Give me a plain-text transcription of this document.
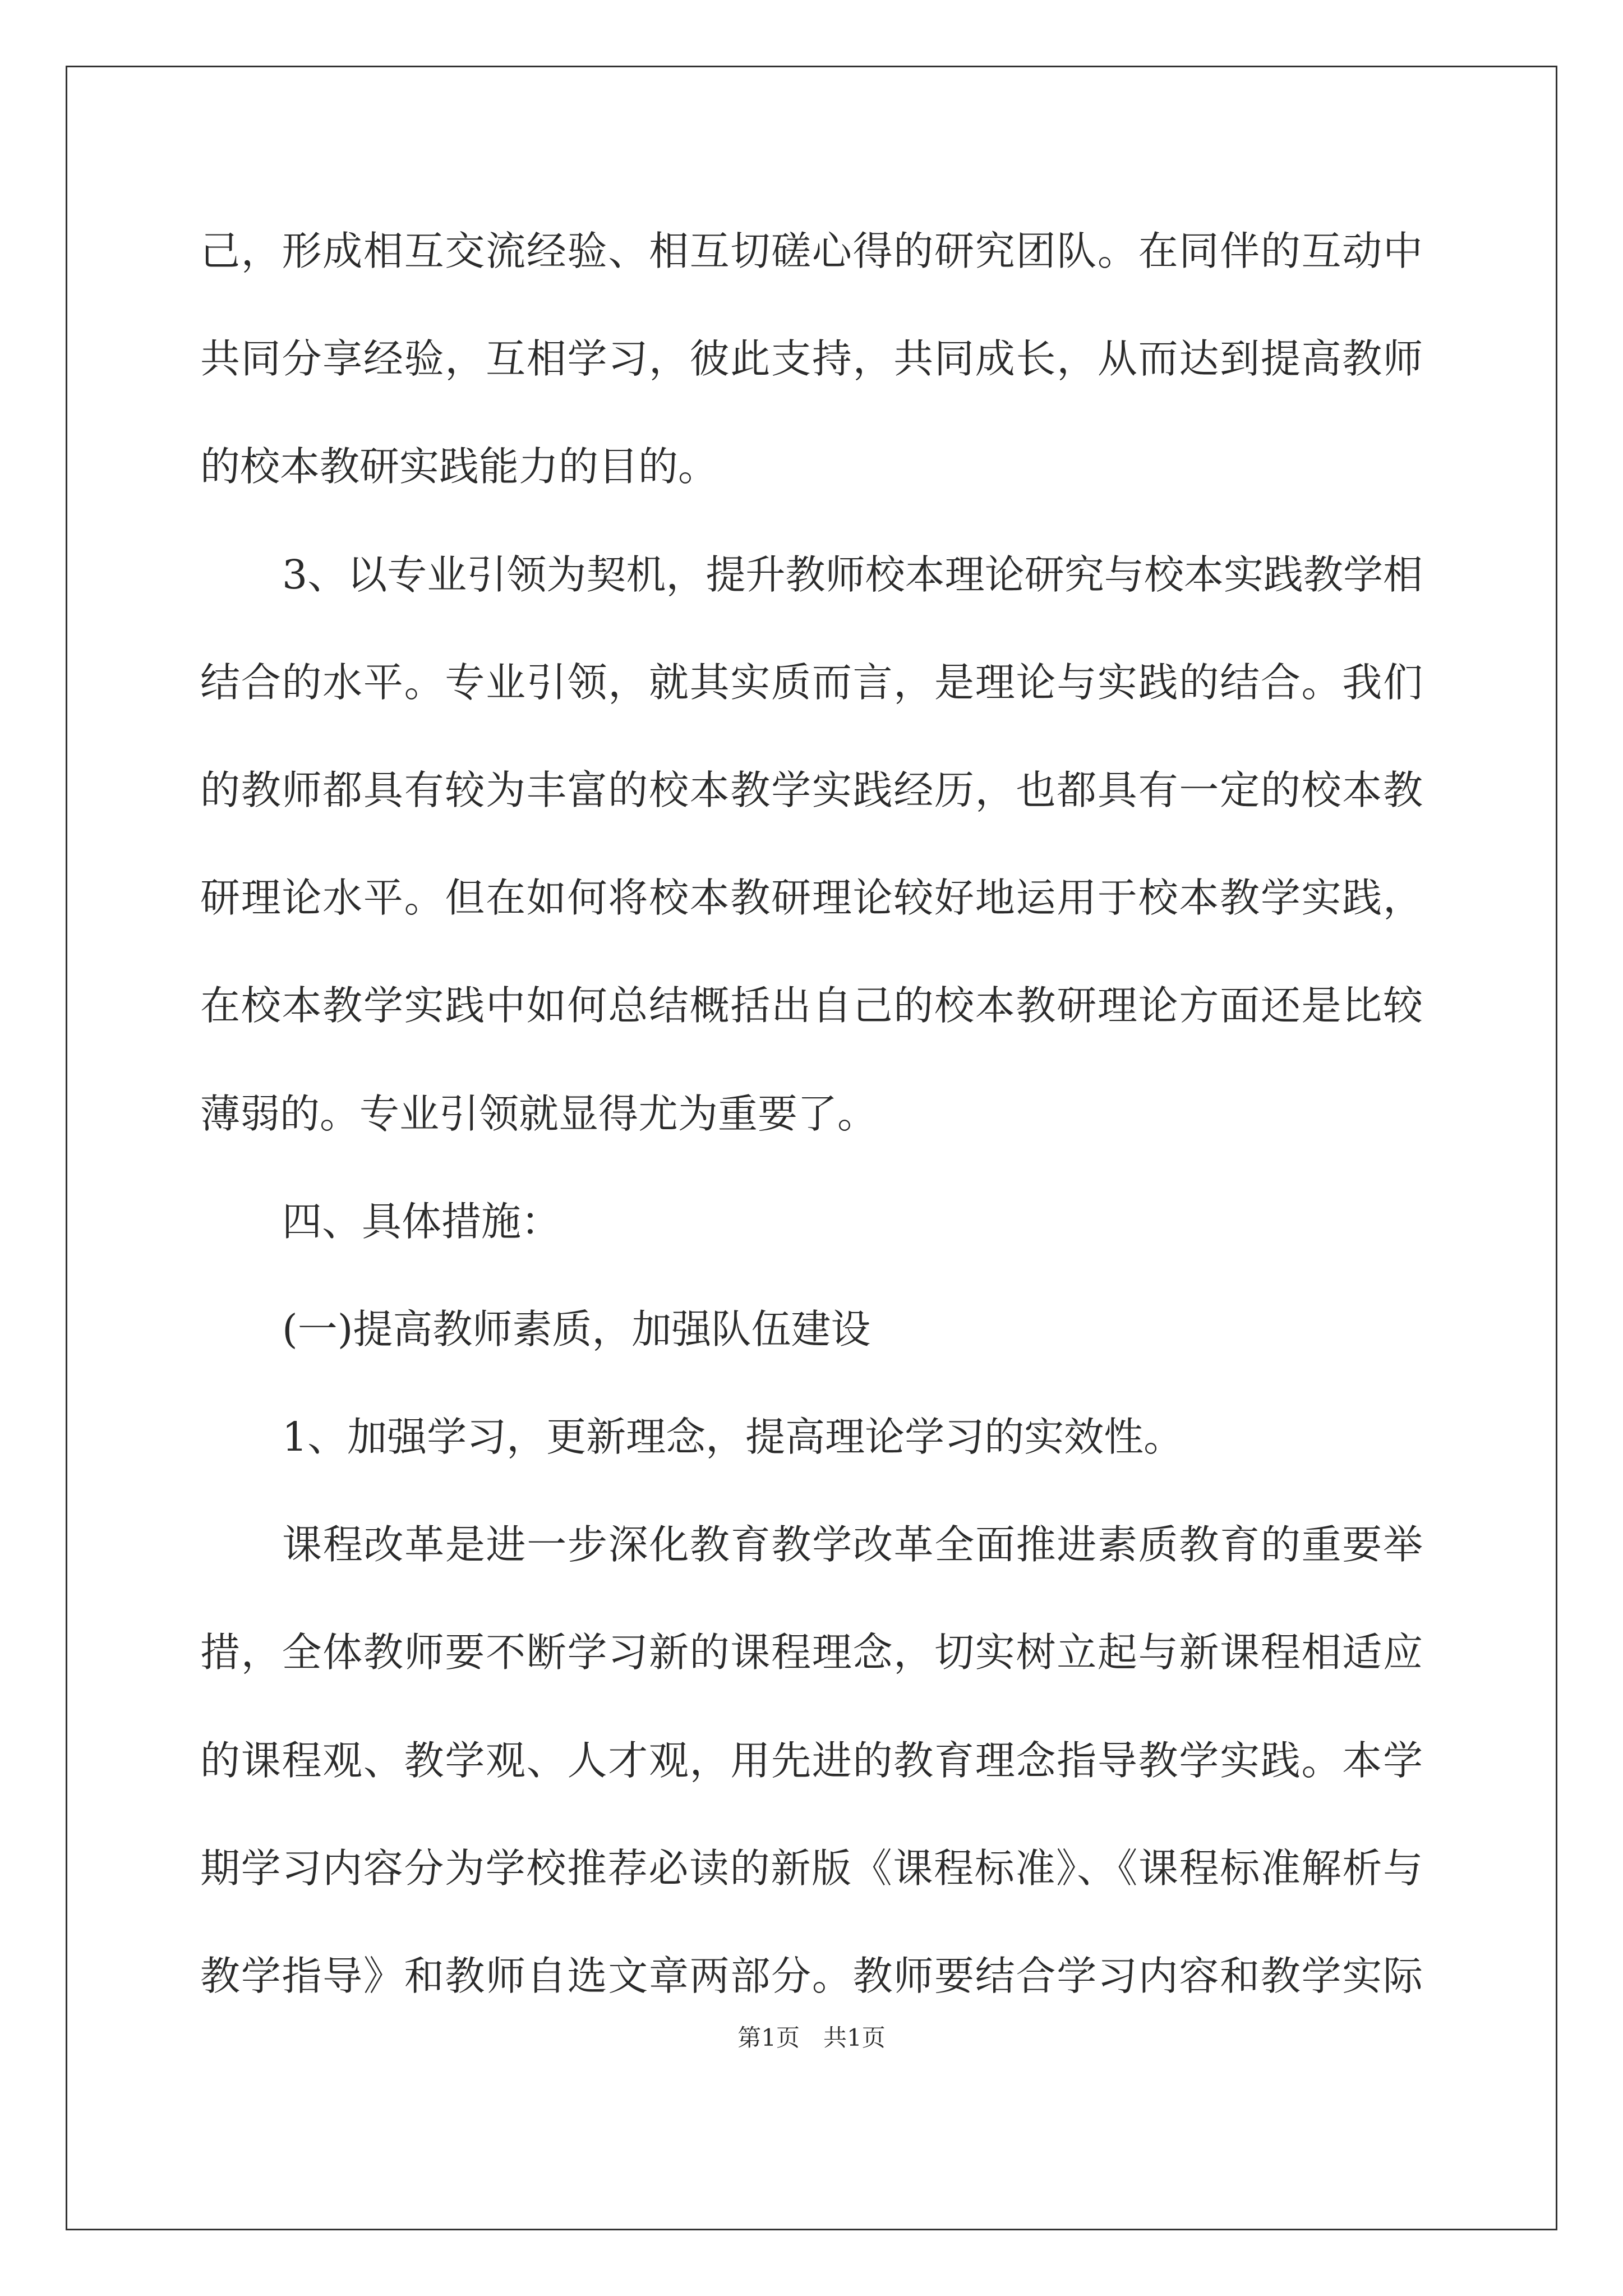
己，形成相互交流经验、相互切磋心得的研究团队。在同伴的互动中
共同分享经验，互相学习，彼此支持，共同成长，从而达到提高教师
的校本教研实践能力的目的。
3、以专业引领为契机，提升教师校本理论研究与校本实践教学相
结合的水平。专业引领，就其实质而言，是理论与实践的结合。我们
的教师都具有较为丰富的校本教学实践经历，也都具有一定的校本教
研理论水平。但在如何将校本教研理论较好地运用于校本教学实践，
在校本教学实践中如何总结概括出自己的校本教研理论方面还是比较
薄弱的。专业引领就显得尤为重要了。
四、具体措施：
(一)提高教师素质，加强队伍建设
1、加强学习，更新理念，提高理论学习的实效性。
课程改革是进一步深化教育教学改革全面推进素质教育的重要举
措，全体教师要不断学习新的课程理念，切实树立起与新课程相适应
的课程观、教学观、人才观，用先进的教育理念指导教学实践。本学
期学习内容分为学校推荐必读的新版《课程标准》、《课程标准解析与
教学指导》和教师自选文章两部分。教师要结合学习内容和教学实际
第1页　共1页
